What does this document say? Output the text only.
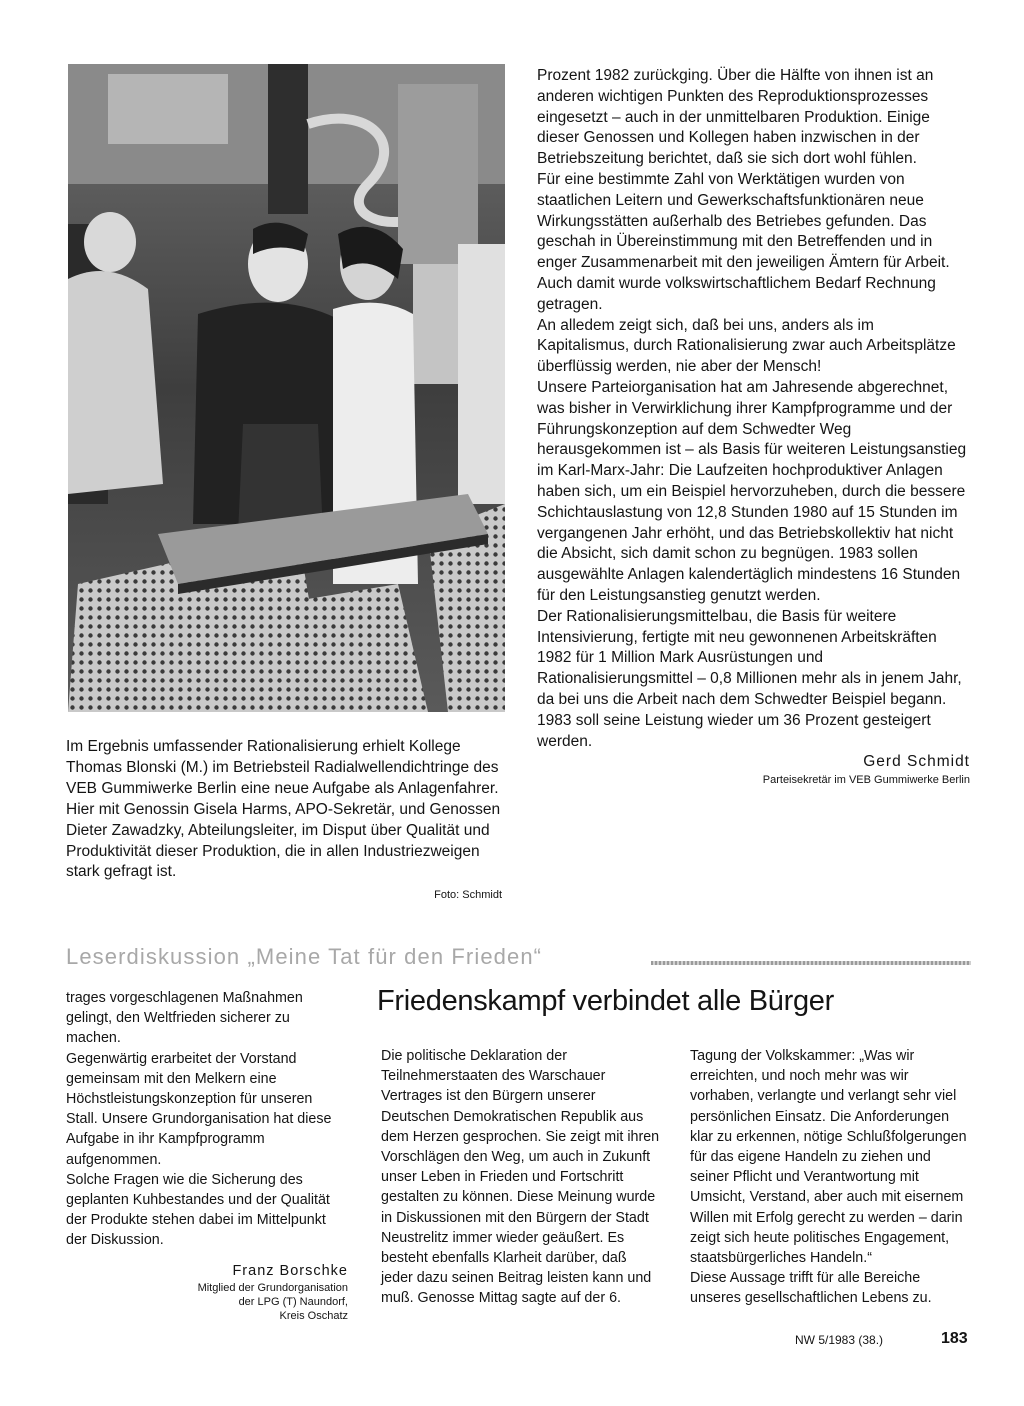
Im Ergebnis umfassender Rationalisierung erhielt Kollege Thomas Blonski (M.) im Betriebsteil Radialwellendichtringe des VEB Gummiwerke Berlin eine neue Aufgabe als Anlagenfahrer. Hier mit Genossin Gisela Harms, APO-Sekretär, und Genossen Dieter Zawadzky, Abteilungsleiter, im Disput über Qualität und Produktivität dieser Produktion, die in allen Industriezweigen stark gefragt ist.

Foto: Schmidt

Prozent 1982 zurückging. Über die Hälfte von ihnen ist an anderen wichtigen Punkten des Reproduktionsprozesses eingesetzt – auch in der unmittelbaren Produktion. Einige dieser Genossen und Kollegen haben inzwischen in der Betriebszeitung berichtet, daß sie sich dort wohl fühlen.

Für eine bestimmte Zahl von Werktätigen wurden von staatlichen Leitern und Gewerkschaftsfunktionären neue Wirkungsstätten außerhalb des Betriebes gefunden. Das geschah in Übereinstimmung mit den Betreffenden und in enger Zusammenarbeit mit den jeweiligen Ämtern für Arbeit. Auch damit wurde volkswirtschaftlichem Bedarf Rechnung getragen.

An alledem zeigt sich, daß bei uns, anders als im Kapitalismus, durch Rationalisierung zwar auch Arbeitsplätze überflüssig werden, nie aber der Mensch!

Unsere Parteiorganisation hat am Jahresende abgerechnet, was bisher in Verwirklichung ihrer Kampfprogramme und der Führungskonzeption auf dem Schwedter Weg herausgekommen ist – als Basis für weiteren Leistungsanstieg im Karl-Marx-Jahr: Die Laufzeiten hochproduktiver Anlagen haben sich, um ein Beispiel hervorzuheben, durch die bessere Schichtauslastung von 12,8 Stunden 1980 auf 15 Stunden im vergangenen Jahr erhöht, und das Betriebskollektiv hat nicht die Absicht, sich damit schon zu begnügen. 1983 sollen ausgewählte Anlagen kalendertäglich mindestens 16 Stunden für den Leistungsanstieg genutzt werden.

Der Rationalisierungsmittelbau, die Basis für weitere Intensivierung, fertigte mit neu gewonnenen Arbeitskräften 1982 für 1 Million Mark Ausrüstungen und Rationalisierungsmittel – 0,8 Millionen mehr als in jenem Jahr, da bei uns die Arbeit nach dem Schwedter Beispiel begann. 1983 soll seine Leistung wieder um 36 Prozent gesteigert werden.

Gerd Schmidt

Parteisekretär im VEB Gummiwerke Berlin

Leserdiskussion „Meine Tat für den Frieden“

trages vorgeschlagenen Maßnahmen gelingt, den Weltfrieden sicherer zu machen.

Gegenwärtig erarbeitet der Vorstand gemeinsam mit den Melkern eine Höchstleistungskonzeption für unseren Stall. Unsere Grundorganisation hat diese Aufgabe in ihr Kampfprogramm aufgenommen.

Solche Fragen wie die Sicherung des geplanten Kuhbestandes und der Qualität der Produkte stehen dabei im Mittelpunkt der Diskussion.

Franz Borschke

Mitglied der Grundorganisation

der LPG (T) Naundorf,

Kreis Oschatz

Friedenskampf verbindet alle Bürger

Die politische Deklaration der Teilnehmerstaaten des Warschauer Vertrages ist den Bürgern unserer Deutschen Demokratischen Republik aus dem Herzen gesprochen. Sie zeigt mit ihren Vorschlägen den Weg, um auch in Zukunft unser Leben in Frieden und Fortschritt gestalten zu können. Diese Meinung wurde in Diskussionen mit den Bürgern der Stadt Neustrelitz immer wieder geäußert. Es besteht ebenfalls Klarheit darüber, daß jeder dazu seinen Beitrag leisten kann und muß. Genosse Mittag sagte auf der 6.

Tagung der Volkskammer: „Was wir erreichten, und noch mehr was wir vorhaben, verlangte und verlangt sehr viel persönlichen Einsatz. Die Anforderungen klar zu erkennen, nötige Schlußfolgerungen für das eigene Handeln zu ziehen und seiner Pflicht und Verantwortung mit Umsicht, Verstand, aber auch mit eisernem Willen mit Erfolg gerecht zu werden – darin zeigt sich heute politisches Engagement, staatsbürgerliches Handeln.“

Diese Aussage trifft für alle Bereiche unseres gesellschaftlichen Lebens zu.

NW 5/1983 (38.)	183
